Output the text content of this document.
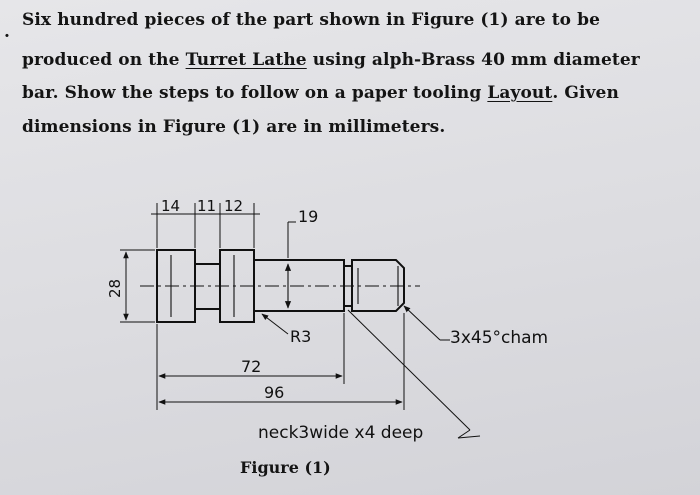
.
Six hundred pieces of the part shown in Figure (1) are to be
produced on the Turret Lathe using alph-Brass 40 mm diameter
bar. Show the steps to follow on a paper tooling Layout. Given
dimensions in Figure (1) are in millimeters.
14 11 12
19
28
R3	3x45°cham
72
96
neck3wide x4 deep
Figure (1)
